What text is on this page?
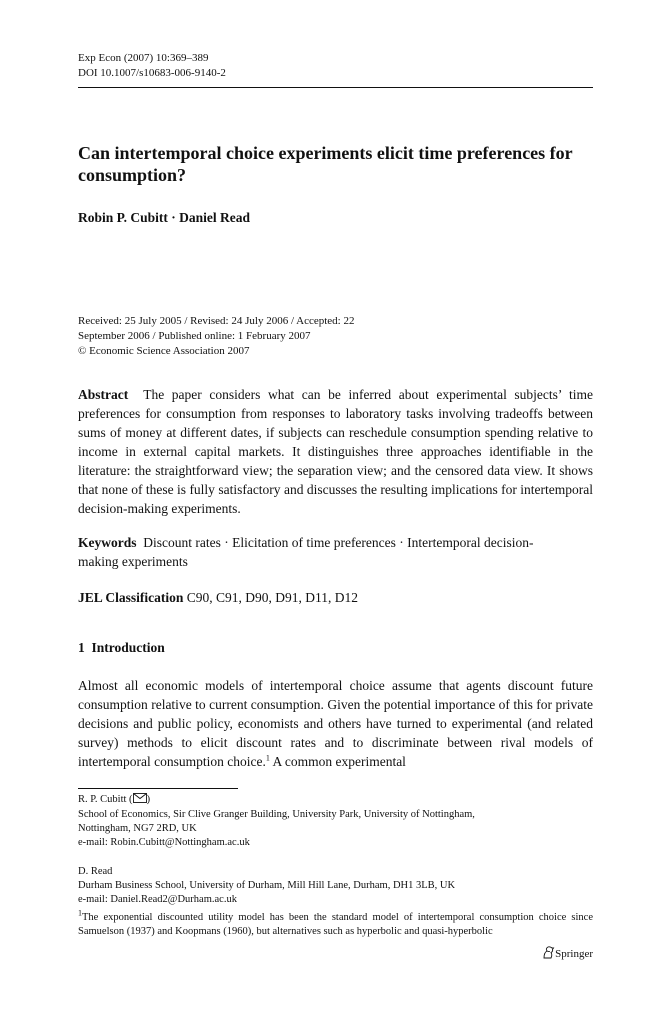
Exp Econ (2007) 10:369–389
DOI 10.1007/s10683-006-9140-2
Can intertemporal choice experiments elicit time preferences for consumption?
Robin P. Cubitt · Daniel Read
Received: 25 July 2005 / Revised: 24 July 2006 / Accepted: 22
September 2006 / Published online: 1 February 2007
© Economic Science Association 2007
Abstract The paper considers what can be inferred about experimental subjects’ time preferences for consumption from responses to laboratory tasks involving tradeoffs between sums of money at different dates, if subjects can reschedule consumption spending relative to income in external capital markets. It distinguishes three approaches identifiable in the literature: the straightforward view; the separation view; and the censored data view. It shows that none of these is fully satisfactory and discusses the resulting implications for intertemporal decision-making experiments.
Keywords Discount rates · Elicitation of time preferences · Intertemporal decision-making experiments
JEL Classification C90, C91, D90, D91, D11, D12
1 Introduction
Almost all economic models of intertemporal choice assume that agents discount future consumption relative to current consumption. Given the potential importance of this for private decisions and public policy, economists and others have turned to experimental (and related survey) methods to elicit discount rates and to discriminate between rival models of intertemporal consumption choice.$^1$ A common experimental
R. P. Cubitt ( )
School of Economics, Sir Clive Granger Building, University Park, University of Nottingham,
Nottingham, NG7 2RD, UK
e-mail: Robin.Cubitt@Nottingham.ac.uk
D. Read
Durham Business School, University of Durham, Mill Hill Lane, Durham, DH1 3LB, UK
e-mail: Daniel.Read2@Durham.ac.uk
$^1$The exponential discounted utility model has been the standard model of intertemporal consumption choice since Samuelson (1937) and Koopmans (1960), but alternatives such as hyperbolic and quasi-hyperbolic
Springer
